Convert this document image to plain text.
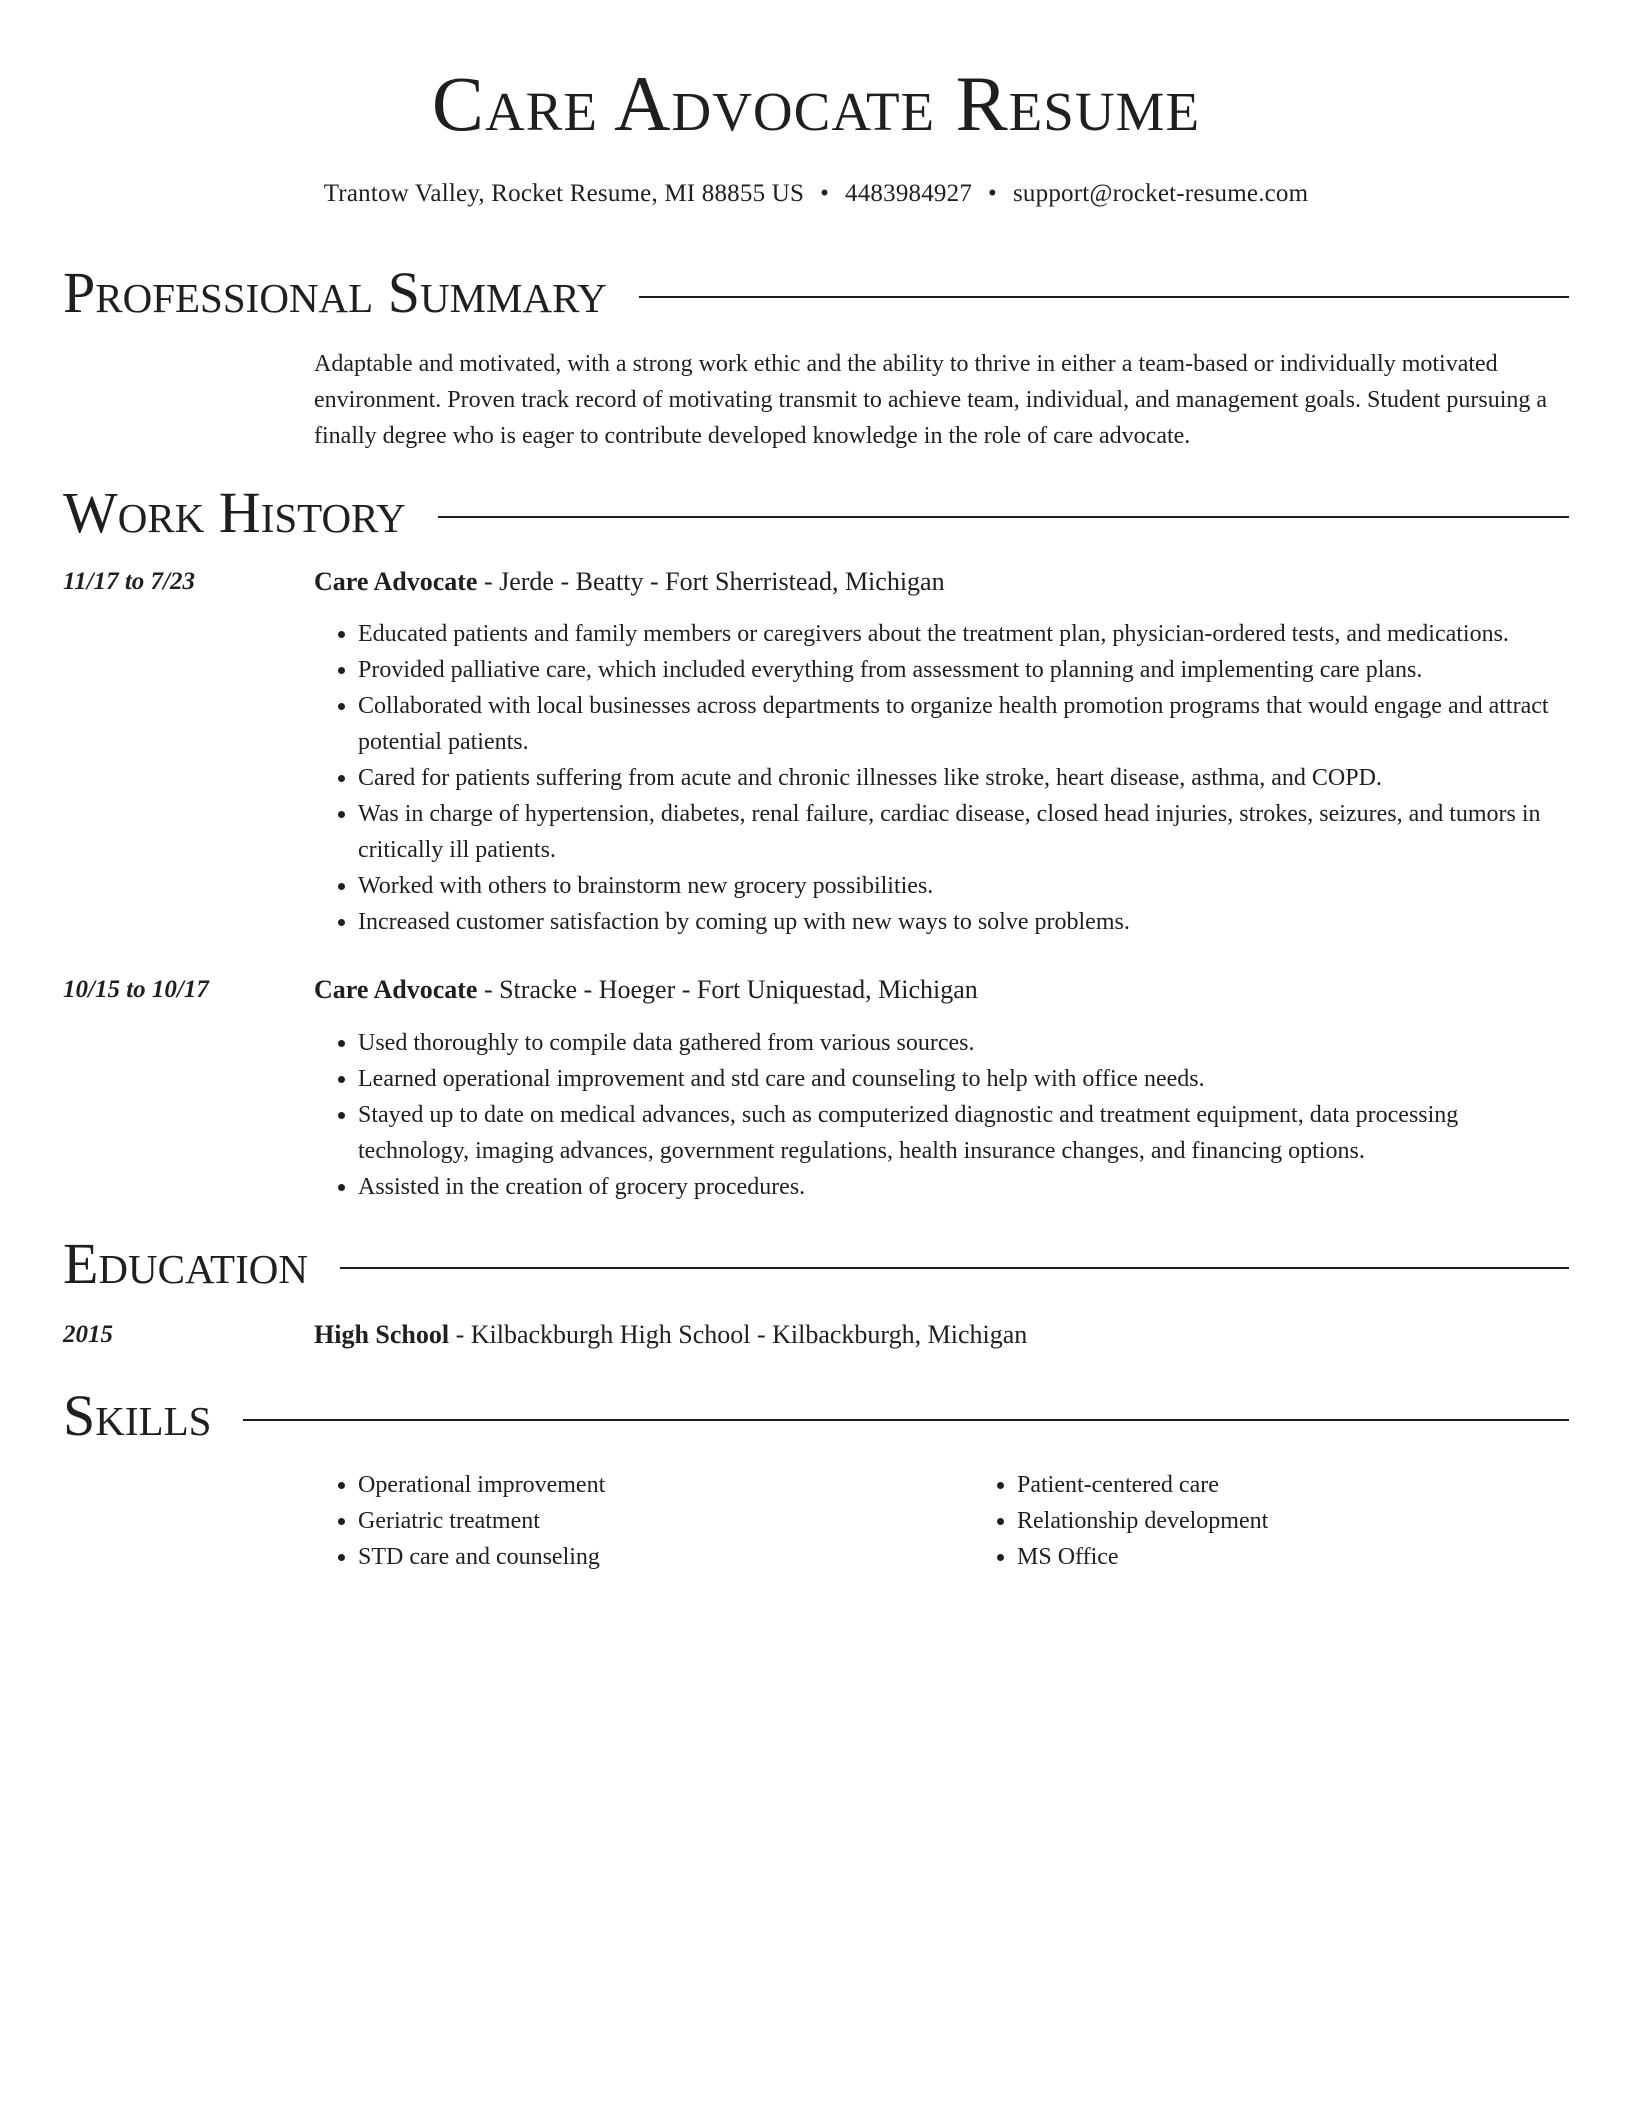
Care Advocate Resume
Trantow Valley, Rocket Resume, MI 88855 US • 4483984927 • support@rocket-resume.com
Professional Summary

Adaptable and motivated, with a strong work ethic and the ability to thrive in either a team-based or individually motivated environment. Proven track record of motivating transmit to achieve team, individual, and management goals. Student pursuing a finally degree who is eager to contribute developed knowledge in the role of care advocate.

Work History
11/17 to 7/23	Care Advocate - Jerde - Beatty - Fort Sherristead, Michigan
• Educated patients and family members or caregivers about the treatment plan, physician-ordered tests, and medications.
• Provided palliative care, which included everything from assessment to planning and implementing care plans.
• Collaborated with local businesses across departments to organize health promotion programs that would engage and attract potential patients.
• Cared for patients suffering from acute and chronic illnesses like stroke, heart disease, asthma, and COPD.
• Was in charge of hypertension, diabetes, renal failure, cardiac disease, closed head injuries, strokes, seizures, and tumors in critically ill patients.
• Worked with others to brainstorm new grocery possibilities.
• Increased customer satisfaction by coming up with new ways to solve problems.
10/15 to 10/17	Care Advocate - Stracke - Hoeger - Fort Uniquestad, Michigan
• Used thoroughly to compile data gathered from various sources.
• Learned operational improvement and std care and counseling to help with office needs.
• Stayed up to date on medical advances, such as computerized diagnostic and treatment equipment, data processing technology, imaging advances, government regulations, health insurance changes, and financing options.
• Assisted in the creation of grocery procedures.
Education
2015	High School - Kilbackburgh High School - Kilbackburgh, Michigan
Skills
• Operational improvement
• Geriatric treatment
• STD care and counseling
• Patient-centered care
• Relationship development
• MS Office
